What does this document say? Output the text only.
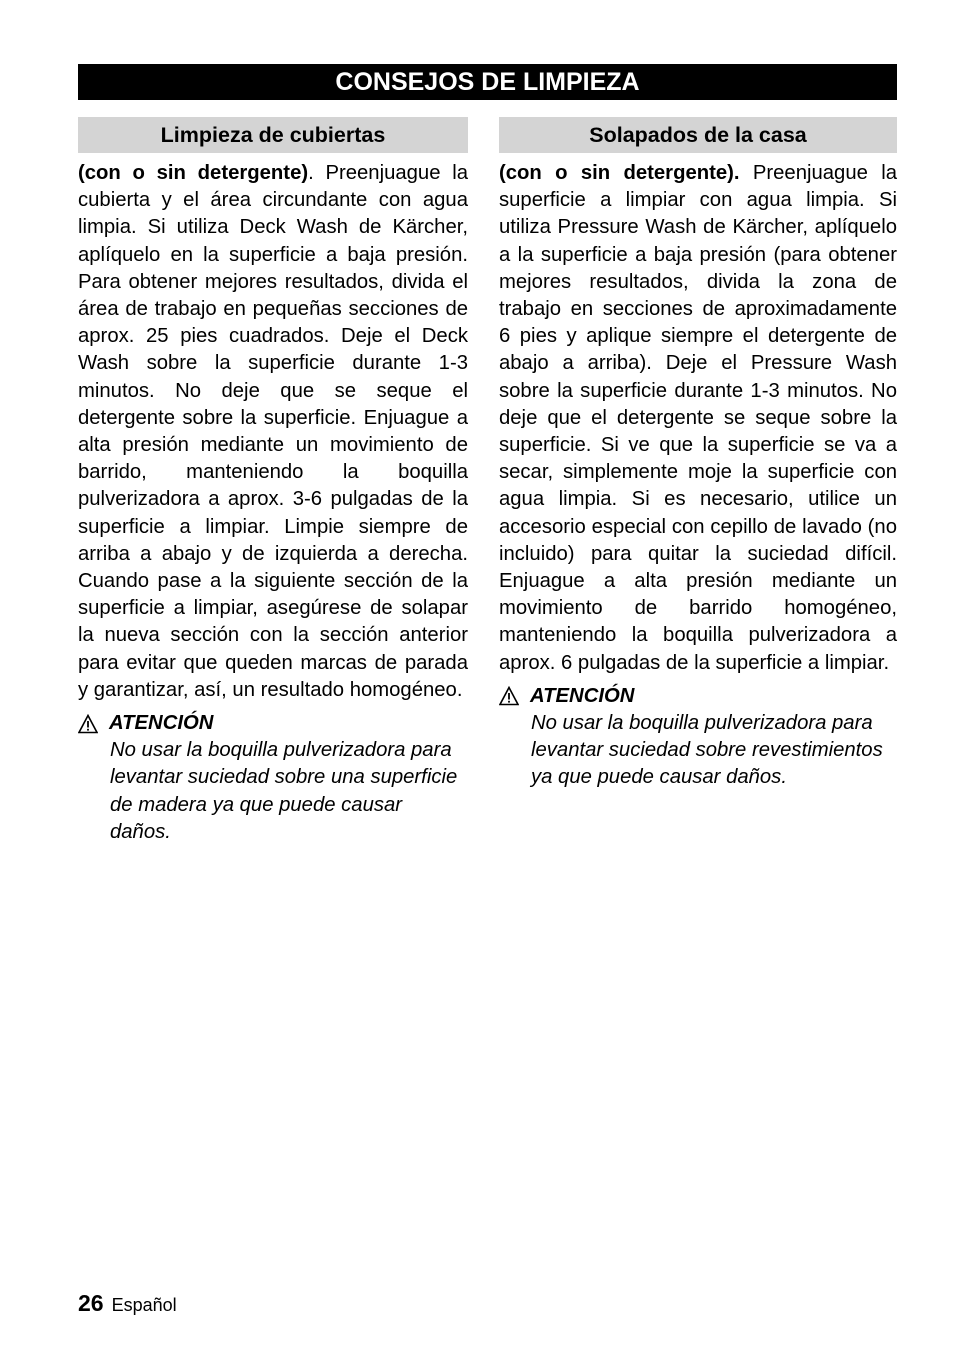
CONSEJOS DE LIMPIEZA
Limpieza de cubiertas
(con o sin detergente). Preenjuague la cubierta y el área circundante con agua limpia. Si utiliza Deck Wash de Kärcher, aplíquelo en la superficie a baja presión. Para obtener mejores resultados, divida el área de trabajo en pequeñas secciones de aprox. 25 pies cuadrados. Deje el Deck Wash sobre la superficie durante 1-3 minutos. No deje que se seque el detergente sobre la superficie. Enjuague a alta presión mediante un movimiento de barrido, manteniendo la boquilla pulverizadora a aprox. 3-6 pulgadas de la superficie a limpiar. Limpie siempre de arriba a abajo y de izquierda a derecha. Cuando pase a la siguiente sección de la superficie a limpiar, asegúrese de solapar la nueva sección con la sección anterior para evitar que queden marcas de parada y garantizar, así, un resultado homogéneo.
ATENCIÓN
No usar la boquilla pulverizadora para levantar suciedad sobre una superficie de madera ya que puede causar daños.
Solapados de la casa
(con o sin detergente). Preenjuague la superficie a limpiar con agua limpia. Si utiliza Pressure Wash de Kärcher, aplíquelo a la superficie a baja presión (para obtener mejores resultados, divida la zona de trabajo en secciones de aproximadamente 6 pies y aplique siempre el detergente de abajo a arriba). Deje el Pressure Wash sobre la superficie durante 1-3 minutos. No deje que el detergente se seque sobre la superficie. Si ve que la superficie se va a secar, simplemente moje la superficie con agua limpia. Si es necesario, utilice un accesorio especial con cepillo de lavado (no incluido) para quitar la suciedad difícil. Enjuague a alta presión mediante un movimiento de barrido homogéneo, manteniendo la boquilla pulverizadora a aprox. 6 pulgadas de la superficie a limpiar.
ATENCIÓN
No usar la boquilla pulverizadora para levantar suciedad sobre revestimientos ya que puede causar daños.
26 Español
